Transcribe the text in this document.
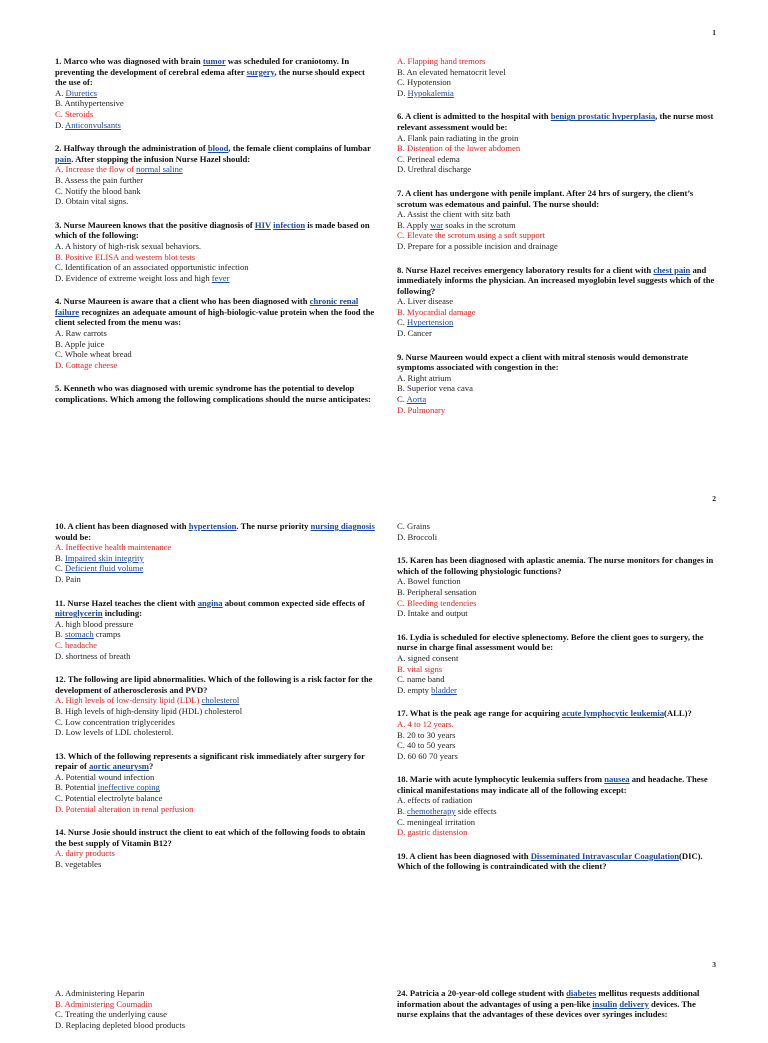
1
1. Marco who was diagnosed with brain tumor was scheduled for craniotomy. In preventing the development of cerebral edema after surgery, the nurse should expect the use of:
A. Diuretics
B. Antihypertensive
C. Steroids
D. Anticonvulsants
2. Halfway through the administration of blood, the female client complains of lumbar pain. After stopping the infusion Nurse Hazel should:
A. Increase the flow of normal saline
B. Assess the pain further
C. Notify the blood bank
D. Obtain vital signs.
3. Nurse Maureen knows that the positive diagnosis of HIV infection is made based on which of the following:
A. A history of high-risk sexual behaviors.
B. Positive ELISA and western blot tests
C. Identification of an associated opportunistic infection
D. Evidence of extreme weight loss and high fever
4. Nurse Maureen is aware that a client who has been diagnosed with chronic renal failure recognizes an adequate amount of high-biologic-value protein when the food the client selected from the menu was:
A. Raw carrots
B. Apple juice
C. Whole wheat bread
D. Cottage cheese
5. Kenneth who was diagnosed with uremic syndrome has the potential to develop complications. Which among the following complications should the nurse anticipates:
A. Flapping hand tremors
B. An elevated hematocrit level
C. Hypotension
D. Hypokalemia
6. A client is admitted to the hospital with benign prostatic hyperplasia, the nurse most relevant assessment would be:
A. Flank pain radiating in the groin
B. Distention of the lower abdomen
C. Perineal edema
D. Urethral discharge
7. A client has undergone with penile implant. After 24 hrs of surgery, the client’s scrotum was edematous and painful. The nurse should:
A. Assist the client with sitz bath
B. Apply war soaks in the scrotum
C. Elevate the scrotum using a soft support
D. Prepare for a possible incision and drainage
8. Nurse Hazel receives emergency laboratory results for a client with chest pain and immediately informs the physician. An increased myoglobin level suggests which of the following?
A. Liver disease
B. Myocardial damage
C. Hypertension
D. Cancer
9. Nurse Maureen would expect a client with mitral stenosis would demonstrate symptoms associated with congestion in the:
A. Right atrium
B. Superior vena cava
C. Aorta
D. Pulmonary
2
10. A client has been diagnosed with hypertension. The nurse priority nursing diagnosis would be:
A. Ineffective health maintenance
B. Impaired skin integrity
C. Deficient fluid volume
D. Pain
11. Nurse Hazel teaches the client with angina about common expected side effects of nitroglycerin including:
A. high blood pressure
B. stomach cramps
C. headache
D. shortness of breath
12. The following are lipid abnormalities. Which of the following is a risk factor for the development of atherosclerosis and PVD?
A. High levels of low-density lipid (LDL) cholesterol
B. High levels of high-density lipid (HDL) cholesterol
C. Low concentration triglycerides
D. Low levels of LDL cholesterol.
13. Which of the following represents a significant risk immediately after surgery for repair of aortic aneurysm?
A. Potential wound infection
B. Potential ineffective coping
C. Potential electrolyte balance
D. Potential alteration in renal perfusion
14. Nurse Josie should instruct the client to eat which of the following foods to obtain the best supply of Vitamin B12?
A. dairy products
B. vegetables
C. Grains
D. Broccoli
15. Karen has been diagnosed with aplastic anemia. The nurse monitors for changes in which of the following physiologic functions?
A. Bowel function
B. Peripheral sensation
C. Bleeding tendencies
D. Intake and output
16. Lydia is scheduled for elective splenectomy. Before the client goes to surgery, the nurse in charge final assessment would be:
A. signed consent
B. vital signs
C. name band
D. empty bladder
17. What is the peak age range for acquiring acute lymphocytic leukemia(ALL)?
A. 4 to 12 years.
B. 20 to 30 years
C. 40 to 50 years
D. 60 60 70 years
18. Marie with acute lymphocytic leukemia suffers from nausea and headache. These clinical manifestations may indicate all of the following except:
A. effects of radiation
B. chemotherapy side effects
C. meningeal irritation
D. gastric distension
19. A client has been diagnosed with Disseminated Intravascular Coagulation(DIC). Which of the following is contraindicated with the client?
3
A. Administering Heparin
B. Administering Coumadin
C. Treating the underlying cause
D. Replacing depleted blood products
24. Patricia a 20-year-old college student with diabetes mellitus requests additional information about the advantages of using a pen-like insulin delivery devices. The nurse explains that the advantages of these devices over syringes includes:
